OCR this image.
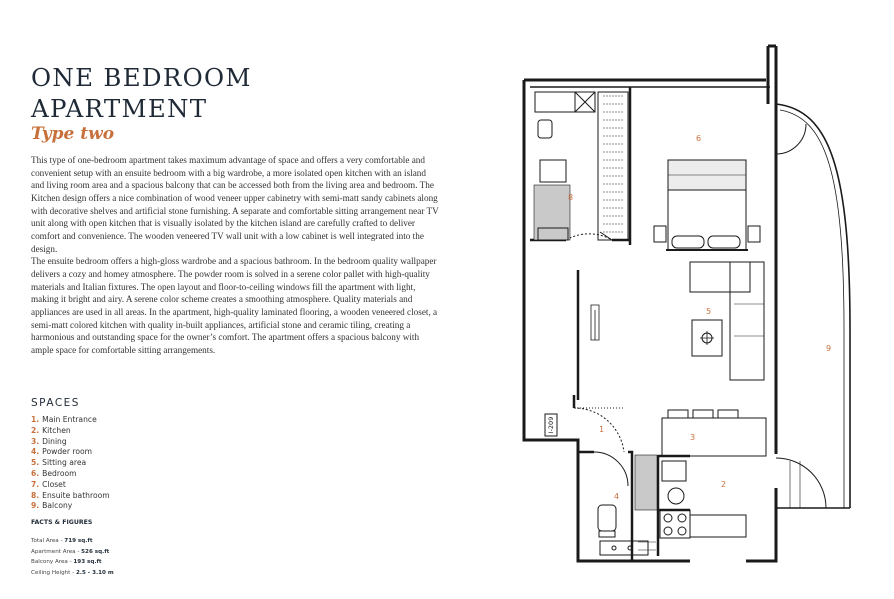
ONE BEDROOM
APARTMENT
Type two

This type of one-bedroom apartment takes maximum advantage of space and offers a very comfortable and convenient setup with an ensuite bedroom with a big wardrobe, a more isolated open kitchen with an island and living room area and a spacious balcony that can be accessed both from the living area and bedroom. The Kitchen design offers a nice combination of wood veneer upper cabinetry with semi-matt sandy cabinets along with decorative shelves and artificial stone furnishing. A separate and comfortable sitting arrangement near TV unit along with open kitchen that is visually isolated by the kitchen island are carefully crafted to deliver comfort and convenience. The wooden veneered TV wall unit with a low cabinet is well integrated into the design.

The ensuite bedroom offers a high-gloss wardrobe and a spacious bathroom. In the bedroom quality wallpaper delivers a cozy and homey atmosphere. The powder room is solved in a serene color pallet with high-quality materials and Italian fixtures. The open layout and floor-to-ceiling windows fill the apartment with light, making it bright and airy. A serene color scheme creates a smoothing atmosphere. Quality materials and appliances are used in all areas. In the apartment, high-quality laminated flooring, a wooden veneered closet, a semi-matt colored kitchen with quality in-built appliances, artificial stone and ceramic tiling, creating a harmonious and outstanding space for the owner’s comfort. The apartment offers a spacious balcony with ample space for comfortable sitting arrangements.

SPACES
1. Main Entrance
2. Kitchen
3. Dining
4. Powder room
5. Sitting area
6. Bedroom
7. Closet
8. Ensuite bathroom
9. Balcony
FACTS & FIGURES
Total Area - 719 sq.ft
Apartment Area - 526 sq.ft
Balcony Area - 193 sq.ft
Ceiling Height - 2.5 - 3.10 m
I-209	1
2
3
4
5
6
8
9
